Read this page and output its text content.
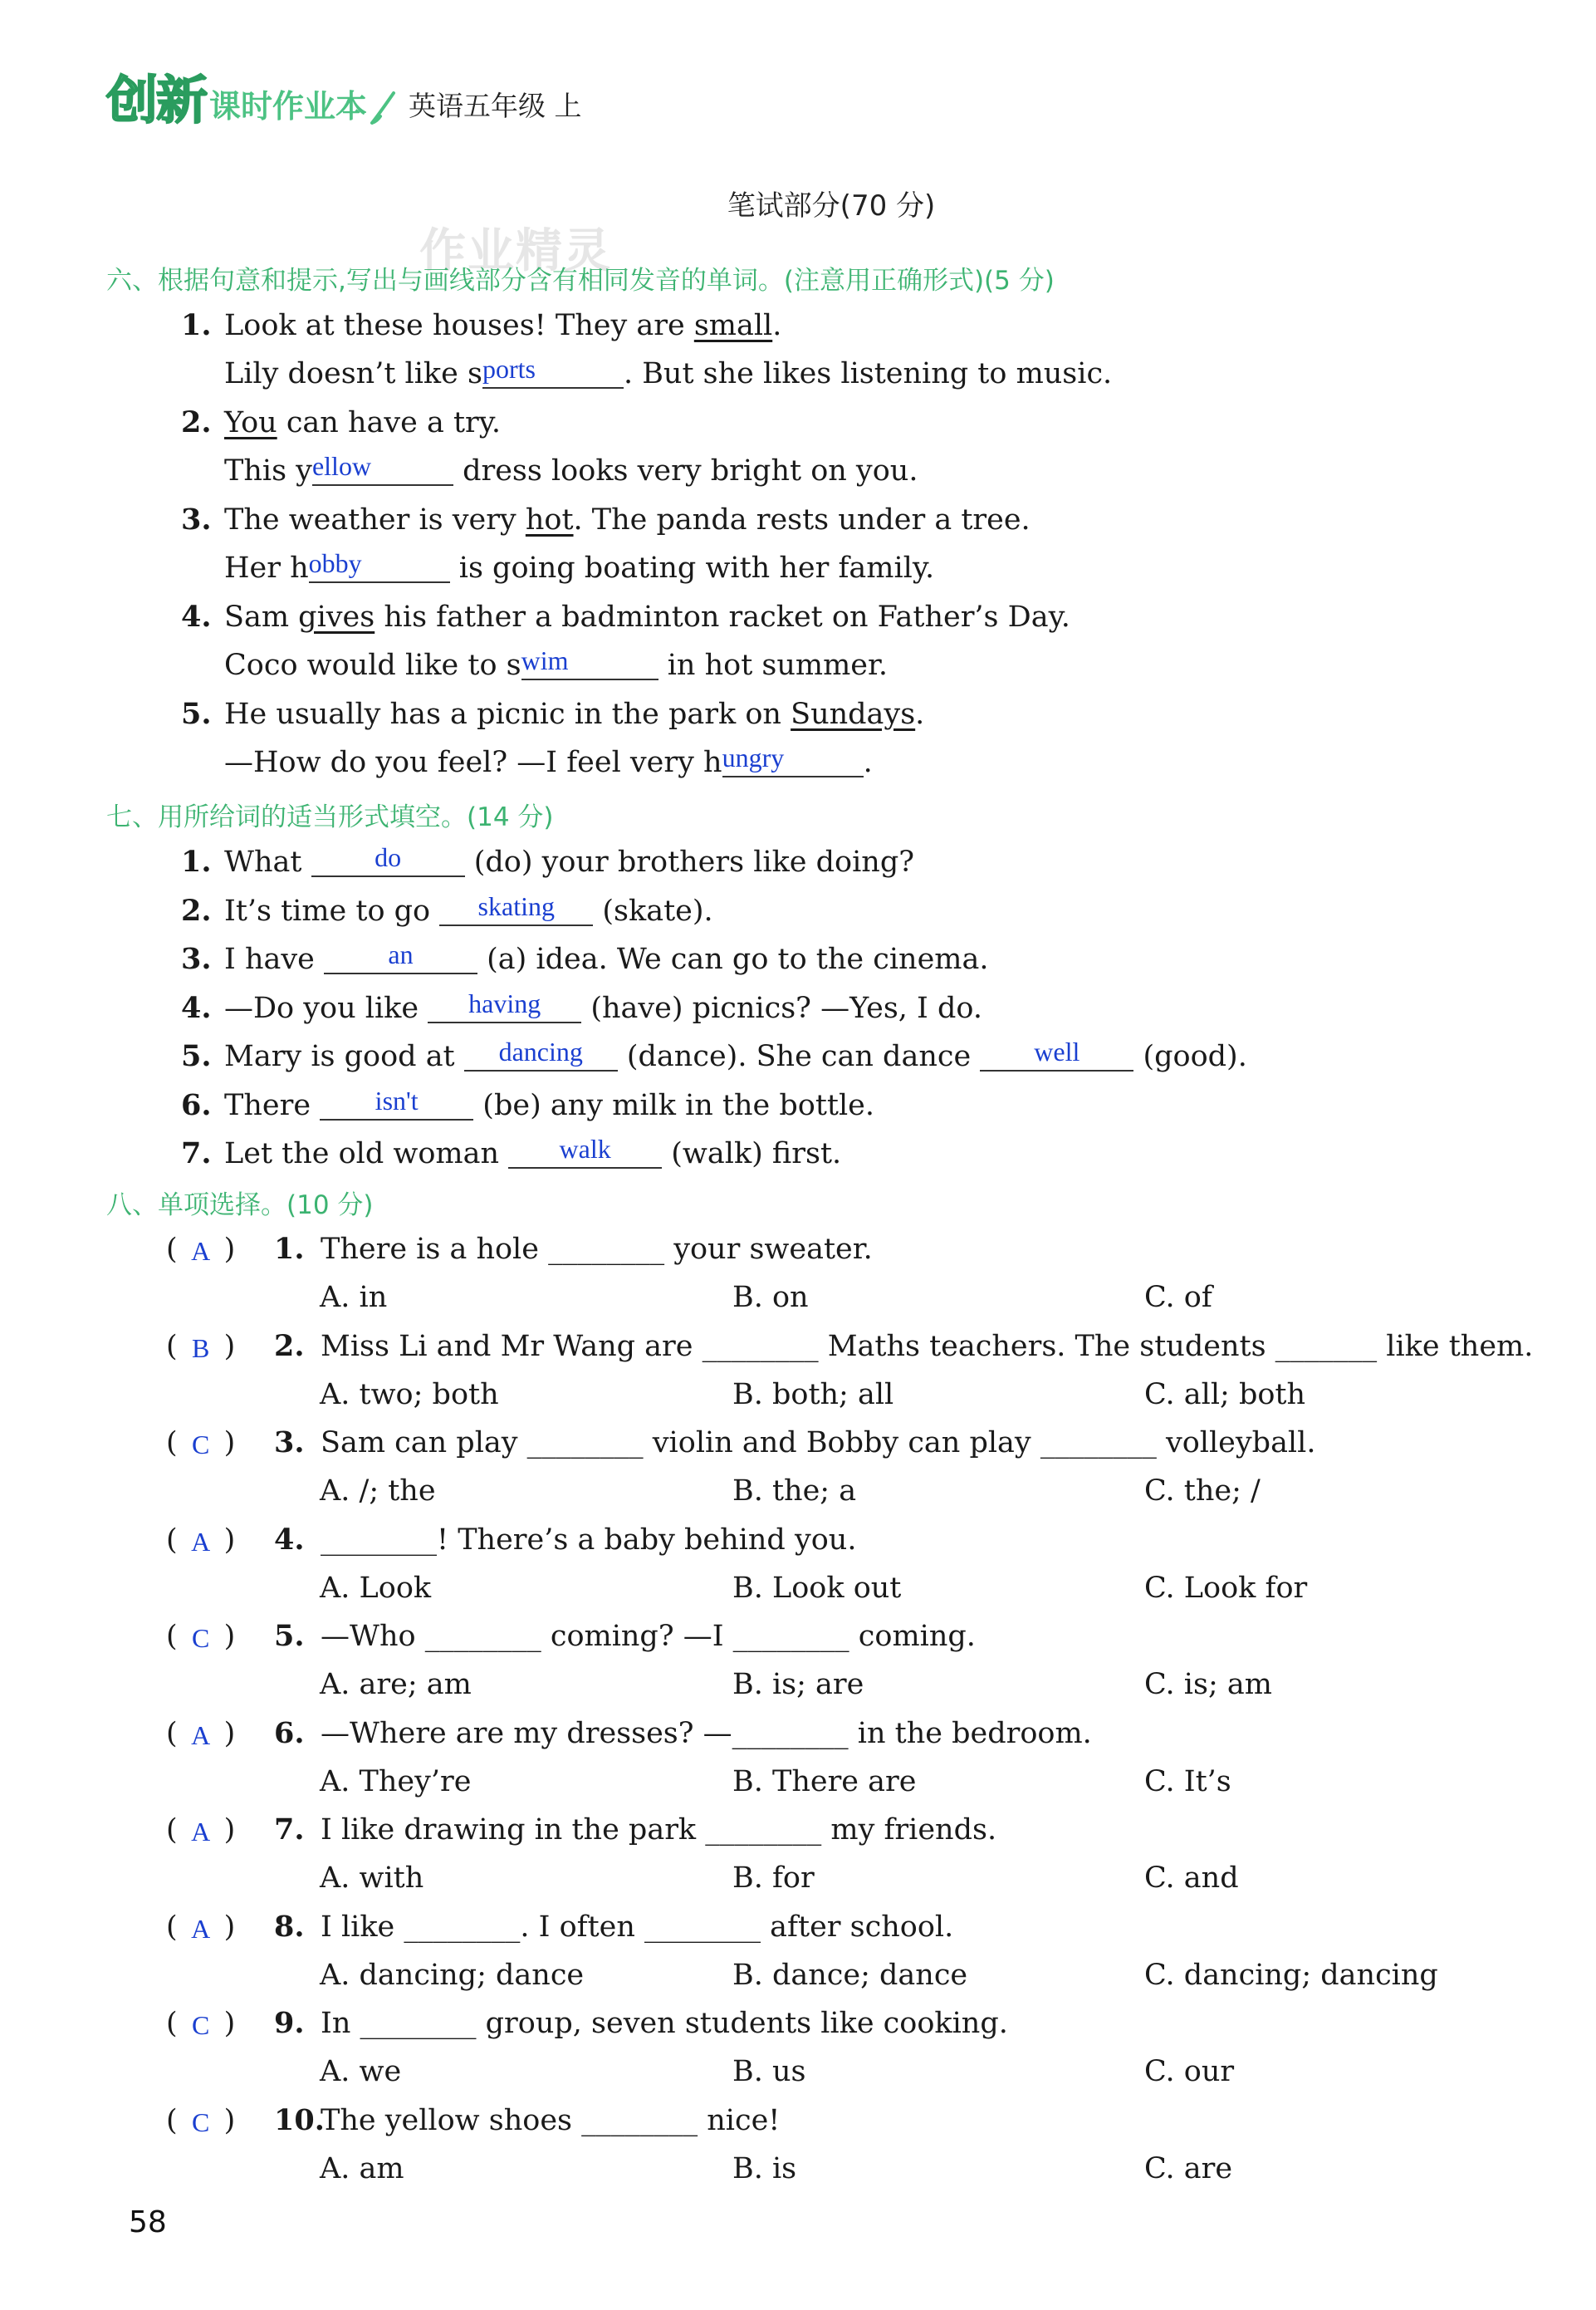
创新 课时作业本 英语五年级 上
笔试部分(70 分)
作业精灵
六、根据句意和提示,写出与画线部分含有相同发音的单词。(注意用正确形式)(5 分)
1. Look at these houses! They are small.
Lily doesn’t like sports	. But she likes listening to music.
2. You can have a try.
This yellow	dress looks very bright on you.
3. The weather is very hot. The panda rests under a tree.
Her hobby	is going boating with her family.
4. Sam gives his father a badminton racket on Father’s Day.
Coco would like to swim	in hot summer.
5. He usually has a picnic in the park on Sundays.
—How do you feel? —I feel very hungry	.
七、用所给词的适当形式填空。(14 分)
1. What do (do) your brothers like doing?
2. It’s time to go skating (skate).
3. I have an (a) idea. We can go to the cinema.
4. —Do you like having (have) picnics? —Yes, I do.
5. Mary is good at dancing (dance). She can dance well (good).
6. There isn't (be) any milk in the bottle.
7. Let the old woman walk (walk) first.
八、单项选择。(10 分)
( A ) 1. There is a hole ________ your sweater.
A. in	B. on	C. of
( B ) 2. Miss Li and Mr Wang are ________ Maths teachers. The students _______ like them.
A. two; both	B. both; all	C. all; both
( C ) 3. Sam can play ________ violin and Bobby can play ________ volleyball.
A. /; the	B. the; a	C. the; /
( A ) 4. ________! There’s a baby behind you.
A. Look	B. Look out	C. Look for
( C ) 5. —Who ________ coming? —I ________ coming.
A. are; am	B. is; are	C. is; am
( A ) 6. —Where are my dresses? —________ in the bedroom.
A. They’re	B. There are	C. It’s
( A ) 7. I like drawing in the park ________ my friends.
A. with	B. for	C. and
( A ) 8. I like ________. I often ________ after school.
A. dancing; dance	B. dance; dance	C. dancing; dancing
( C ) 9. In ________ group, seven students like cooking.
A. we	B. us	C. our
( C ) 10.The yellow shoes ________ nice!
A. am	B. is	C. are
58
